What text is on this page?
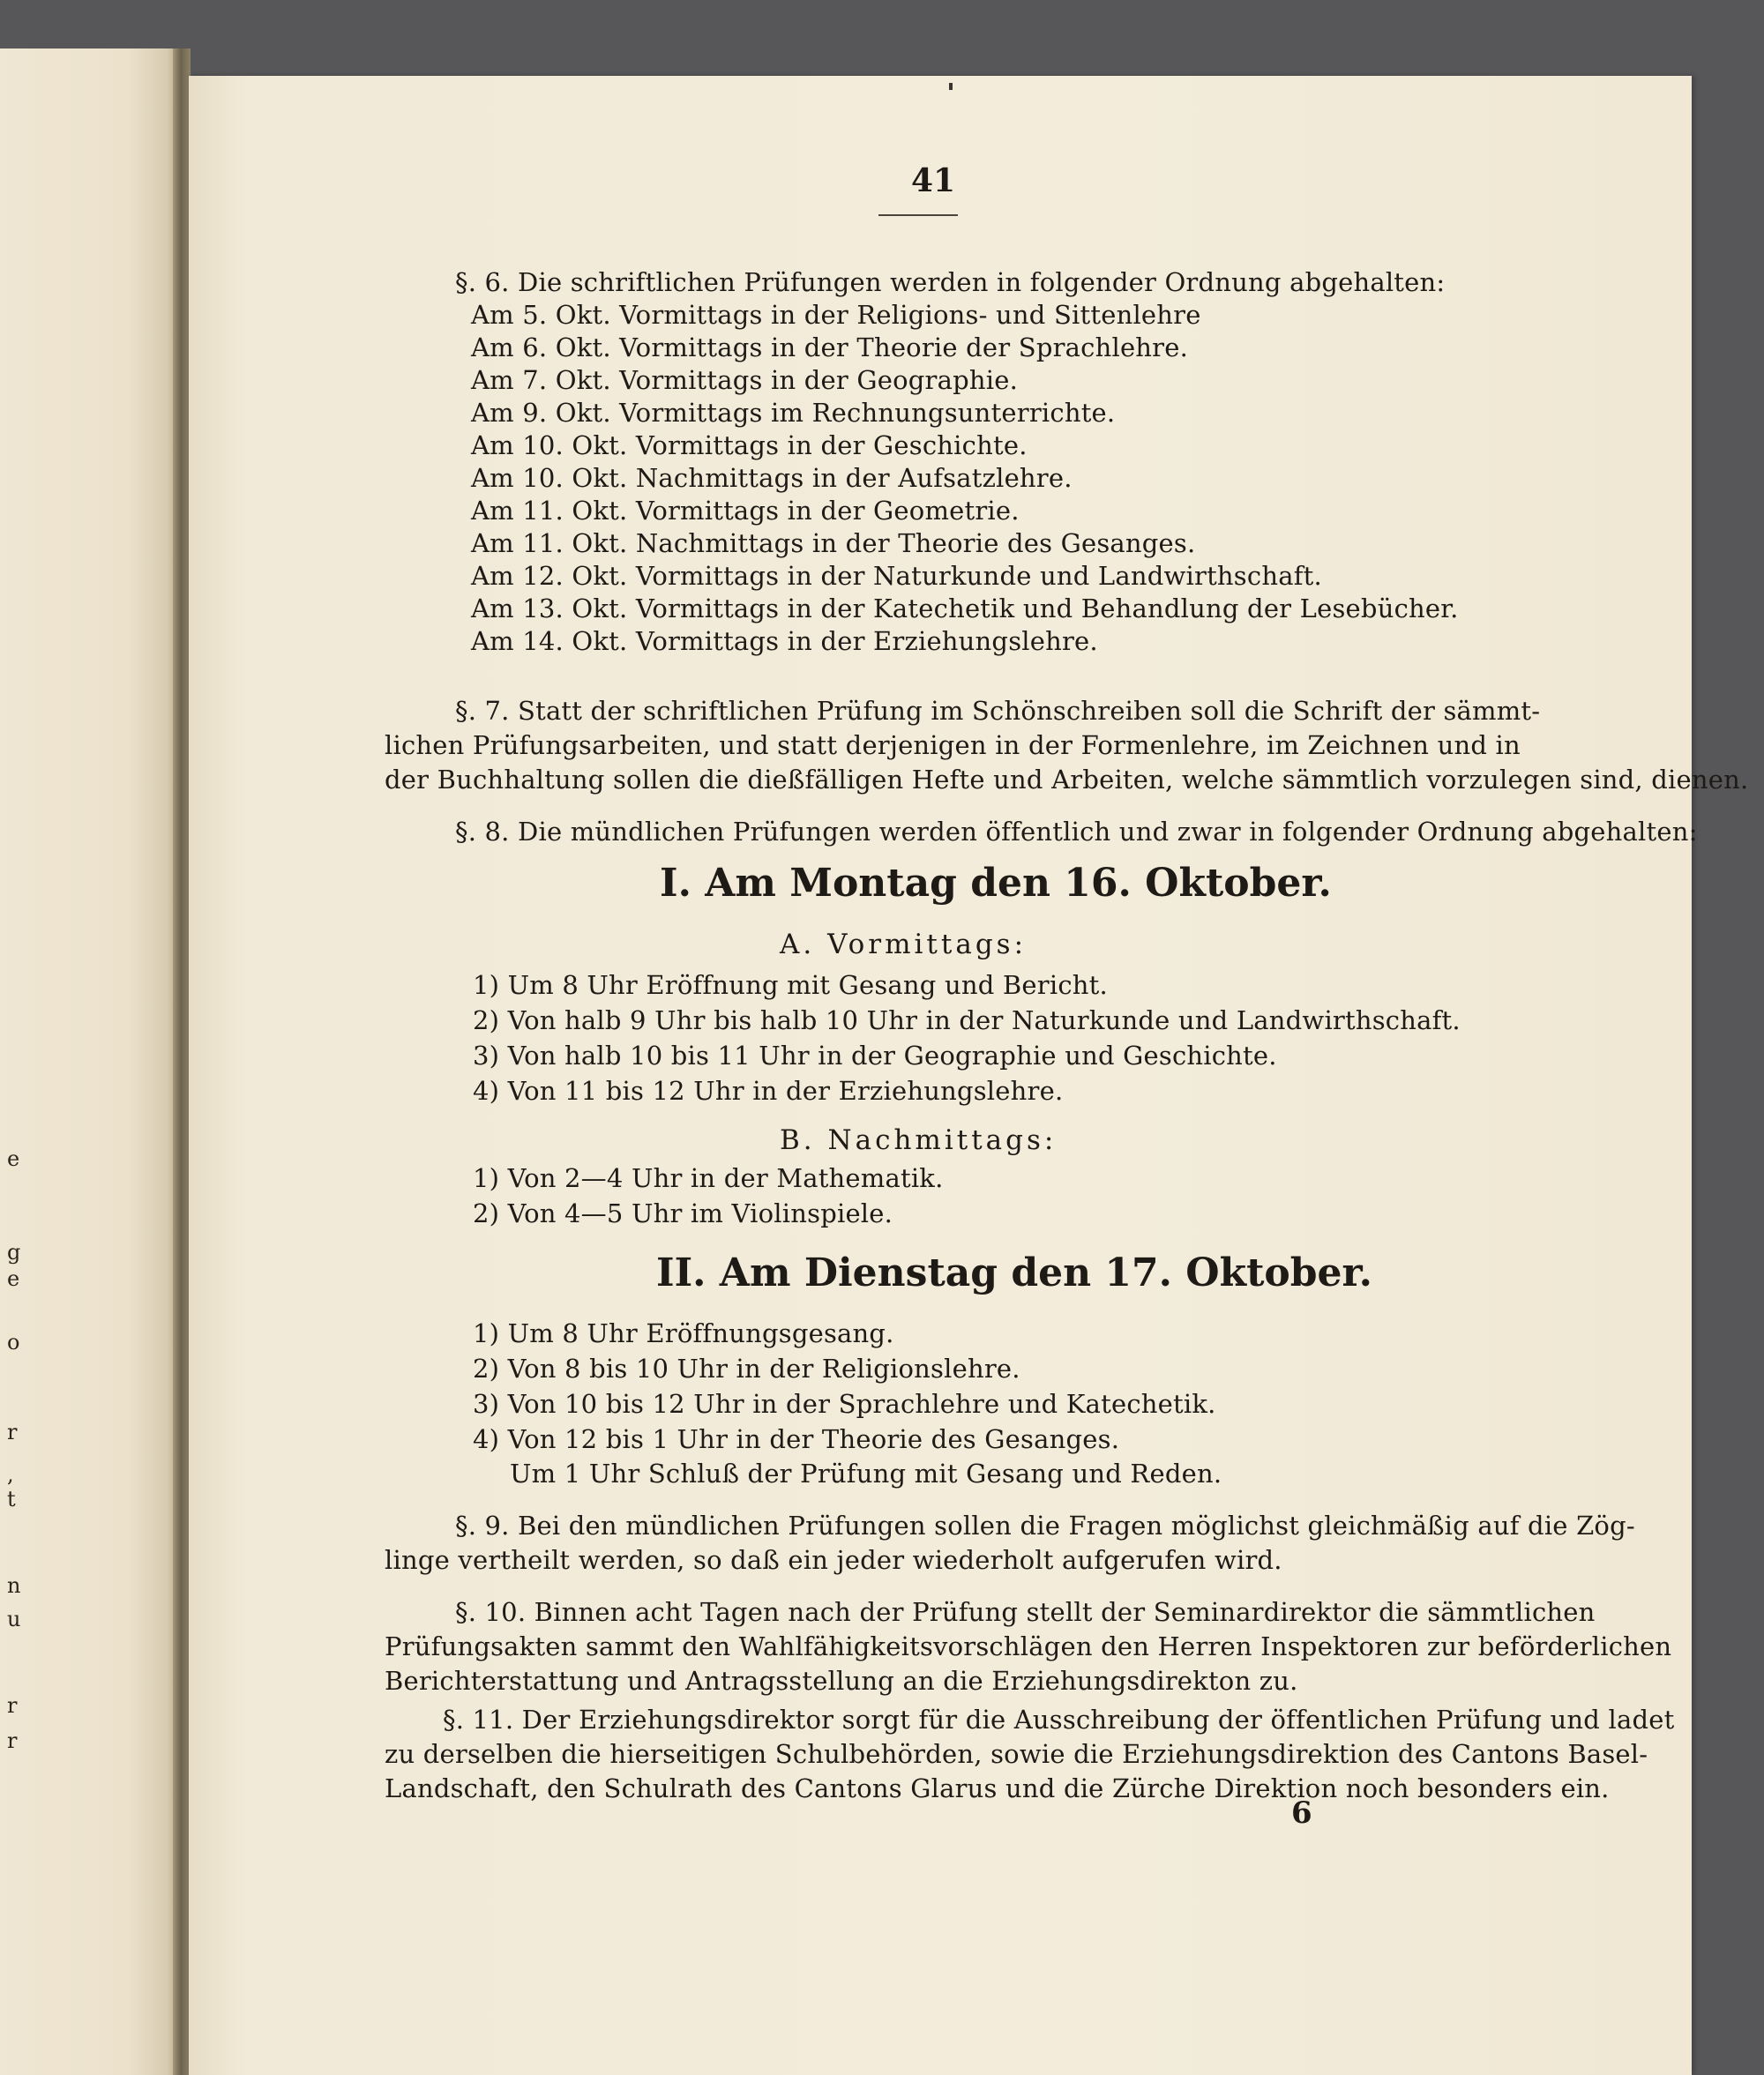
e
g
e
o
r
,
t
n
u
r
r
41
§. 6. Die schriftlichen Prüfungen werden in folgender Ordnung abgehalten:
Am 5. Okt. Vormittags in der Religions- und Sittenlehre
Am 6. Okt. Vormittags in der Theorie der Sprachlehre.
Am 7. Okt. Vormittags in der Geographie.
Am 9. Okt. Vormittags im Rechnungsunterrichte.
Am 10. Okt. Vormittags in der Geschichte.
Am 10. Okt. Nachmittags in der Aufsatzlehre.
Am 11. Okt. Vormittags in der Geometrie.
Am 11. Okt. Nachmittags in der Theorie des Gesanges.
Am 12. Okt. Vormittags in der Naturkunde und Landwirthschaft.
Am 13. Okt. Vormittags in der Katechetik und Behandlung der Lesebücher.
Am 14. Okt. Vormittags in der Erziehungslehre.
§. 7. Statt der schriftlichen Prüfung im Schönschreiben soll die Schrift der sämmt-
lichen Prüfungsarbeiten, und statt derjenigen in der Formenlehre, im Zeichnen und in
der Buchhaltung sollen die dießfälligen Hefte und Arbeiten, welche sämmtlich vorzulegen sind, dienen.
§. 8. Die mündlichen Prüfungen werden öffentlich und zwar in folgender Ordnung abgehalten:
I. Am Montag den 16. Oktober.
A. Vormittags:
1) Um 8 Uhr Eröffnung mit Gesang und Bericht.
2) Von halb 9 Uhr bis halb 10 Uhr in der Naturkunde und Landwirthschaft.
3) Von halb 10 bis 11 Uhr in der Geographie und Geschichte.
4) Von 11 bis 12 Uhr in der Erziehungslehre.
B. Nachmittags:
1) Von 2—4 Uhr in der Mathematik.
2) Von 4—5 Uhr im Violinspiele.
II. Am Dienstag den 17. Oktober.
1) Um 8 Uhr Eröffnungsgesang.
2) Von 8 bis 10 Uhr in der Religionslehre.
3) Von 10 bis 12 Uhr in der Sprachlehre und Katechetik.
4) Von 12 bis 1 Uhr in der Theorie des Gesanges.
Um 1 Uhr Schluß der Prüfung mit Gesang und Reden.
§. 9. Bei den mündlichen Prüfungen sollen die Fragen möglichst gleichmäßig auf die Zög-
linge vertheilt werden, so daß ein jeder wiederholt aufgerufen wird.
§. 10. Binnen acht Tagen nach der Prüfung stellt der Seminardirektor die sämmtlichen
Prüfungsakten sammt den Wahlfähigkeitsvorschlägen den Herren Inspektoren zur beförderlichen
Berichterstattung und Antragsstellung an die Erziehungsdirekton zu.
§. 11. Der Erziehungsdirektor sorgt für die Ausschreibung der öffentlichen Prüfung und ladet
zu derselben die hierseitigen Schulbehörden, sowie die Erziehungsdirektion des Cantons Basel-
Landschaft, den Schulrath des Cantons Glarus und die Zürche Direktion noch besonders ein.
6
